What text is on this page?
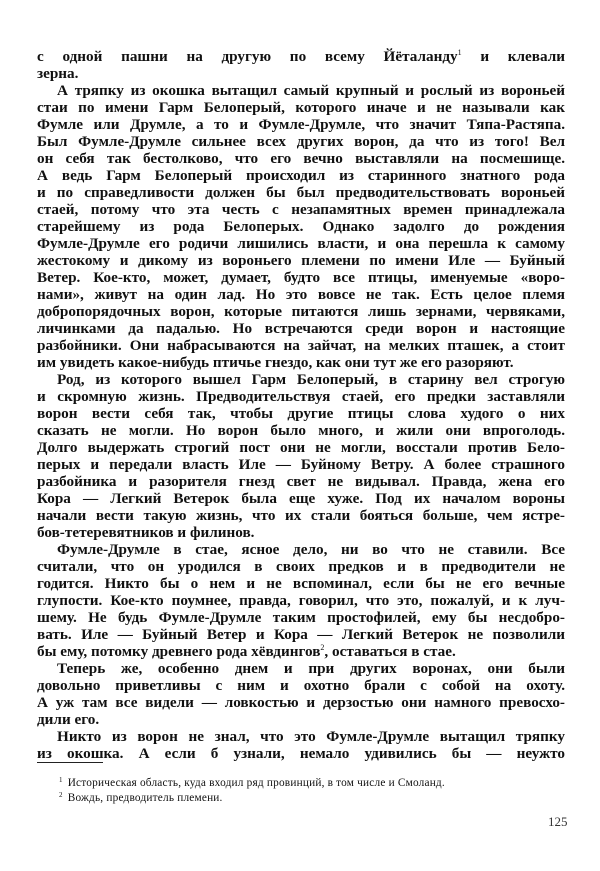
с одной пашни на другую по всему Йёталанду$^1$ и клевали
зерна.
А тряпку из окошка вытащил самый крупный и рослый из вороньей
стаи по имени Гарм Белоперый, которого иначе и не называли как
Фумле или Друмле, а то и Фумле-Друмле, что значит Тяпа-Растяпа.
Был Фумле-Друмле сильнее всех других ворон, да что из того! Вел
он себя так бестолково, что его вечно выставляли на посмешище.
А ведь Гарм Белоперый происходил из старинного знатного рода
и по справедливости должен бы был предводительствовать вороньей
стаей, потому что эта честь с незапамятных времен принадлежала
старейшему из рода Белоперых. Однако задолго до рождения
Фумле-Друмле его родичи лишились власти, и она перешла к самому
жестокому и дикому из вороньего племени по имени Иле — Буйный
Ветер. Кое-кто, может, думает, будто все птицы, именуемые «воро-
нами», живут на один лад. Но это вовсе не так. Есть целое племя
добропорядочных ворон, которые питаются лишь зернами, червяками,
личинками да падалью. Но встречаются среди ворон и настоящие
разбойники. Они набрасываются на зайчат, на мелких пташек, а стоит
им увидеть какое-нибудь птичье гнездо, как они тут же его разоряют.
Род, из которого вышел Гарм Белоперый, в старину вел строгую
и скромную жизнь. Предводительствуя стаей, его предки заставляли
ворон вести себя так, чтобы другие птицы слова худого о них
сказать не могли. Но ворон было много, и жили они впроголодь.
Долго выдержать строгий пост они не могли, восстали против Бело-
перых и передали власть Иле — Буйному Ветру. А более страшного
разбойника и разорителя гнезд свет не видывал. Правда, жена его
Кора — Легкий Ветерок была еще хуже. Под их началом вороны
начали вести такую жизнь, что их стали бояться больше, чем ястре-
бов-тетеревятников и филинов.
Фумле-Друмле в стае, ясное дело, ни во что не ставили. Все
считали, что он уродился в своих предков и в предводители не
годится. Никто бы о нем и не вспоминал, если бы не его вечные
глупости. Кое-кто поумнее, правда, говорил, что это, пожалуй, и к луч-
шему. Не будь Фумле-Друмле таким простофилей, ему бы несдобро-
вать. Иле — Буйный Ветер и Кора — Легкий Ветерок не позволили
бы ему, потомку древнего рода хёвдингов$^2$, оставаться в стае.
Теперь же, особенно днем и при других воронах, они были
довольно приветливы с ним и охотно брали с собой на охоту.
А уж там все видели — ловкостью и дерзостью они намного превосхо-
дили его.
Никто из ворон не знал, что это Фумле-Друмле вытащил тряпку
из окошка. А если б узнали, немало удивились бы — неужто
$^1$ Историческая область, куда входил ряд провинций, в том числе и Смоланд.
$^2$ Вождь, предводитель племени.
125
